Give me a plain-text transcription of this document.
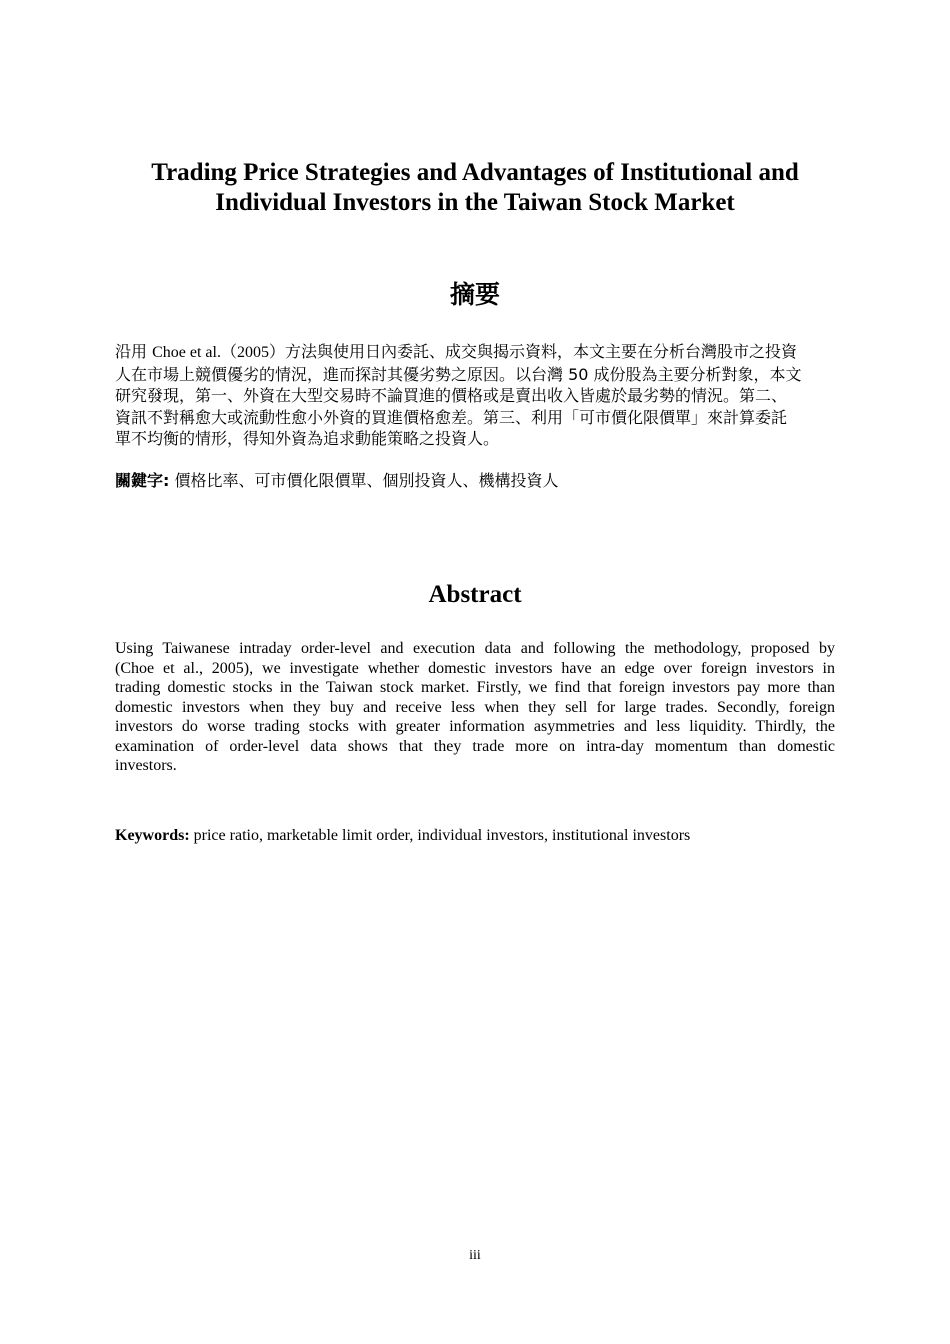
Trading Price Strategies and Advantages of Institutional and
Individual Investors in the Taiwan Stock Market
摘要
沿用 Choe et al.（2005）方法與使用日內委託、成交與揭示資料，本文主要在分析台灣股市之投資
人在市場上競價優劣的情況，進而探討其優劣勢之原因。以台灣 50 成份股為主要分析對象，本文
研究發現，第一、外資在大型交易時不論買進的價格或是賣出收入皆處於最劣勢的情況。第二、
資訊不對稱愈大或流動性愈小外資的買進價格愈差。第三、利用「可市價化限價單」來計算委託
單不均衡的情形，得知外資為追求動能策略之投資人。
關鍵字: 價格比率、可市價化限價單、個別投資人、機構投資人
Abstract
Using Taiwanese intraday order-level and execution data and following the methodology, proposed by
(Choe et al., 2005), we investigate whether domestic investors have an edge over foreign investors in
trading domestic stocks in the Taiwan stock market. Firstly, we find that foreign investors pay more than
domestic investors when they buy and receive less when they sell for large trades. Secondly, foreign
investors do worse trading stocks with greater information asymmetries and less liquidity. Thirdly, the
examination of order-level data shows that they trade more on intra-day momentum than domestic
investors.
Keywords: price ratio, marketable limit order, individual investors, institutional investors
iii
